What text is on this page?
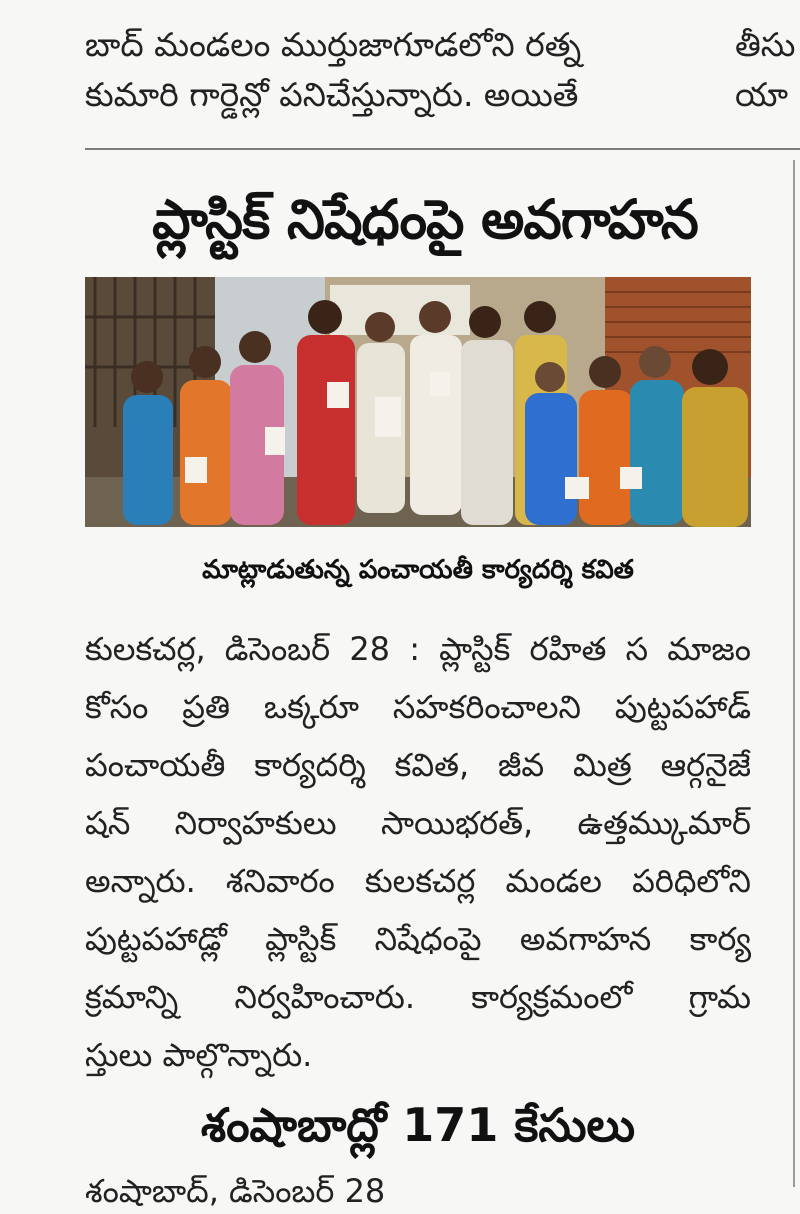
బాద్ మండలం ముర్తుజాగూడలోని రత్న
కుమారి గార్డెన్లో పనిచేస్తున్నారు. అయితే
తీసు
యా
ప్లాస్టిక్ నిషేధంపై అవగాహన
మాట్లాడుతున్న పంచాయతీ కార్యదర్శి కవిత
కులకచర్ల, డిసెంబర్ 28 : ప్లాస్టిక్ రహిత స మాజం
కోసం ప్రతి ఒక్కరూ సహకరించాలని పుట్టపహాడ్
పంచాయతీ కార్యదర్శి కవిత, జీవ మిత్ర ఆర్గనైజే
షన్ నిర్వాహకులు సాయిభరత్, ఉత్తమ్కుమార్
అన్నారు. శనివారం కులకచర్ల మండల పరిధిలోని
పుట్టపహాడ్లో ప్లాస్టిక్ నిషేధంపై అవగాహన కార్య
క్రమాన్ని నిర్వహించారు. కార్యక్రమంలో గ్రామ
స్తులు పాల్గొన్నారు.
శంషాబాద్లో 171 కేసులు
శంషాబాద్, డిసెంబర్ 28
